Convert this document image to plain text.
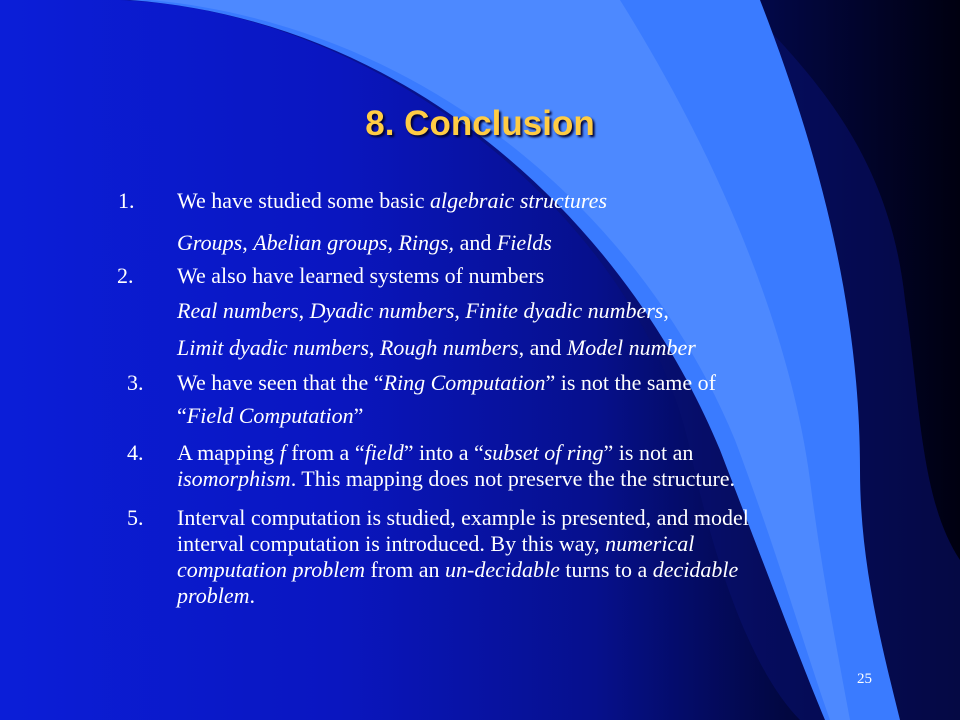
8. Conclusion
1. We have studied some basic algebraic structures
Groups, Abelian groups, Rings, and Fields
2. We also have learned systems of numbers
Real numbers, Dyadic numbers, Finite dyadic numbers,
Limit dyadic numbers, Rough numbers, and Model number
3. We have seen that the “Ring Computation” is not the same of
“Field Computation”
4. A mapping f from a “field” into a “subset of ring” is not an
isomorphism. This mapping does not preserve the the structure.
5. Interval computation is studied, example is presented, and model
interval computation is introduced. By this way, numerical
computation problem from an un-decidable turns to a decidable
problem.
25
